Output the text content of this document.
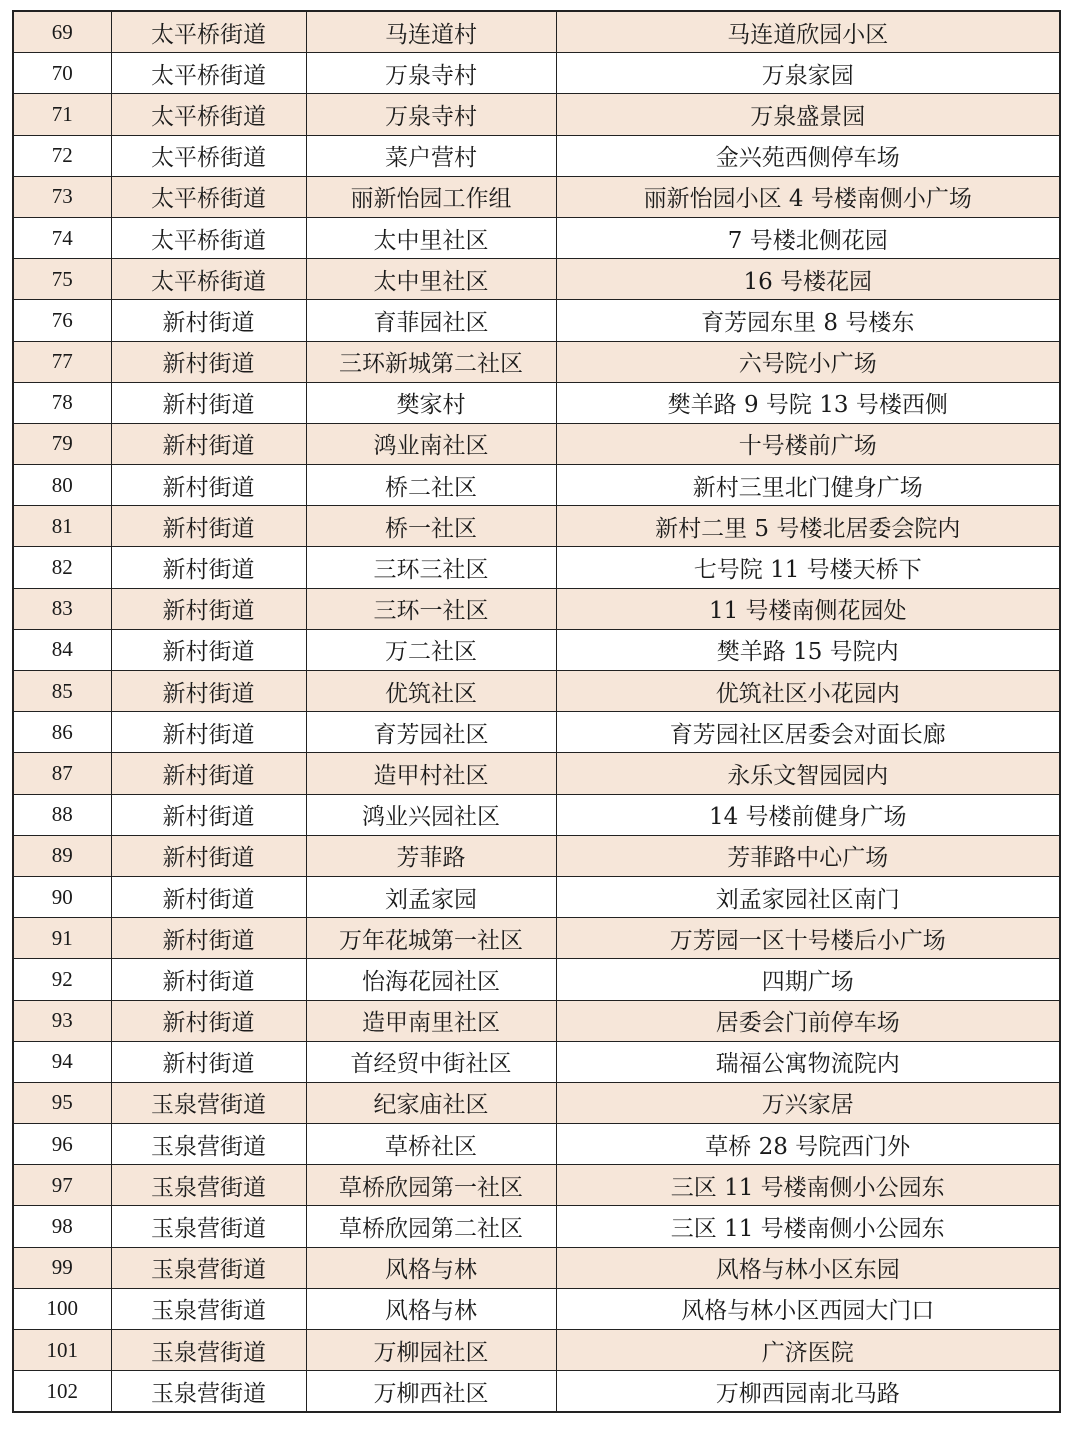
69	太平桥街道	马连道村	马连道欣园小区
70	太平桥街道	万泉寺村	万泉家园
71	太平桥街道	万泉寺村	万泉盛景园
72	太平桥街道	菜户营村	金兴苑西侧停车场
73	太平桥街道	丽新怡园工作组	丽新怡园小区 4 号楼南侧小广场
74	太平桥街道	太中里社区	7 号楼北侧花园
75	太平桥街道	太中里社区	16 号楼花园
76	新村街道	育菲园社区	育芳园东里 8 号楼东
77	新村街道	三环新城第二社区	六号院小广场
78	新村街道	樊家村	樊羊路 9 号院 13 号楼西侧
79	新村街道	鸿业南社区	十号楼前广场
80	新村街道	桥二社区	新村三里北门健身广场
81	新村街道	桥一社区	新村二里 5 号楼北居委会院内
82	新村街道	三环三社区	七号院 11 号楼天桥下
83	新村街道	三环一社区	11 号楼南侧花园处
84	新村街道	万二社区	樊羊路 15 号院内
85	新村街道	优筑社区	优筑社区小花园内
86	新村街道	育芳园社区	育芳园社区居委会对面长廊
87	新村街道	造甲村社区	永乐文智园园内
88	新村街道	鸿业兴园社区	14 号楼前健身广场
89	新村街道	芳菲路	芳菲路中心广场
90	新村街道	刘孟家园	刘孟家园社区南门
91	新村街道	万年花城第一社区	万芳园一区十号楼后小广场
92	新村街道	怡海花园社区	四期广场
93	新村街道	造甲南里社区	居委会门前停车场
94	新村街道	首经贸中街社区	瑞福公寓物流院内
95	玉泉营街道	纪家庙社区	万兴家居
96	玉泉营街道	草桥社区	草桥 28 号院西门外
97	玉泉营街道	草桥欣园第一社区	三区 11 号楼南侧小公园东
98	玉泉营街道	草桥欣园第二社区	三区 11 号楼南侧小公园东
99	玉泉营街道	风格与林	风格与林小区东园
100	玉泉营街道	风格与林	风格与林小区西园大门口
101	玉泉营街道	万柳园社区	广济医院
102	玉泉营街道	万柳西社区	万柳西园南北马路
